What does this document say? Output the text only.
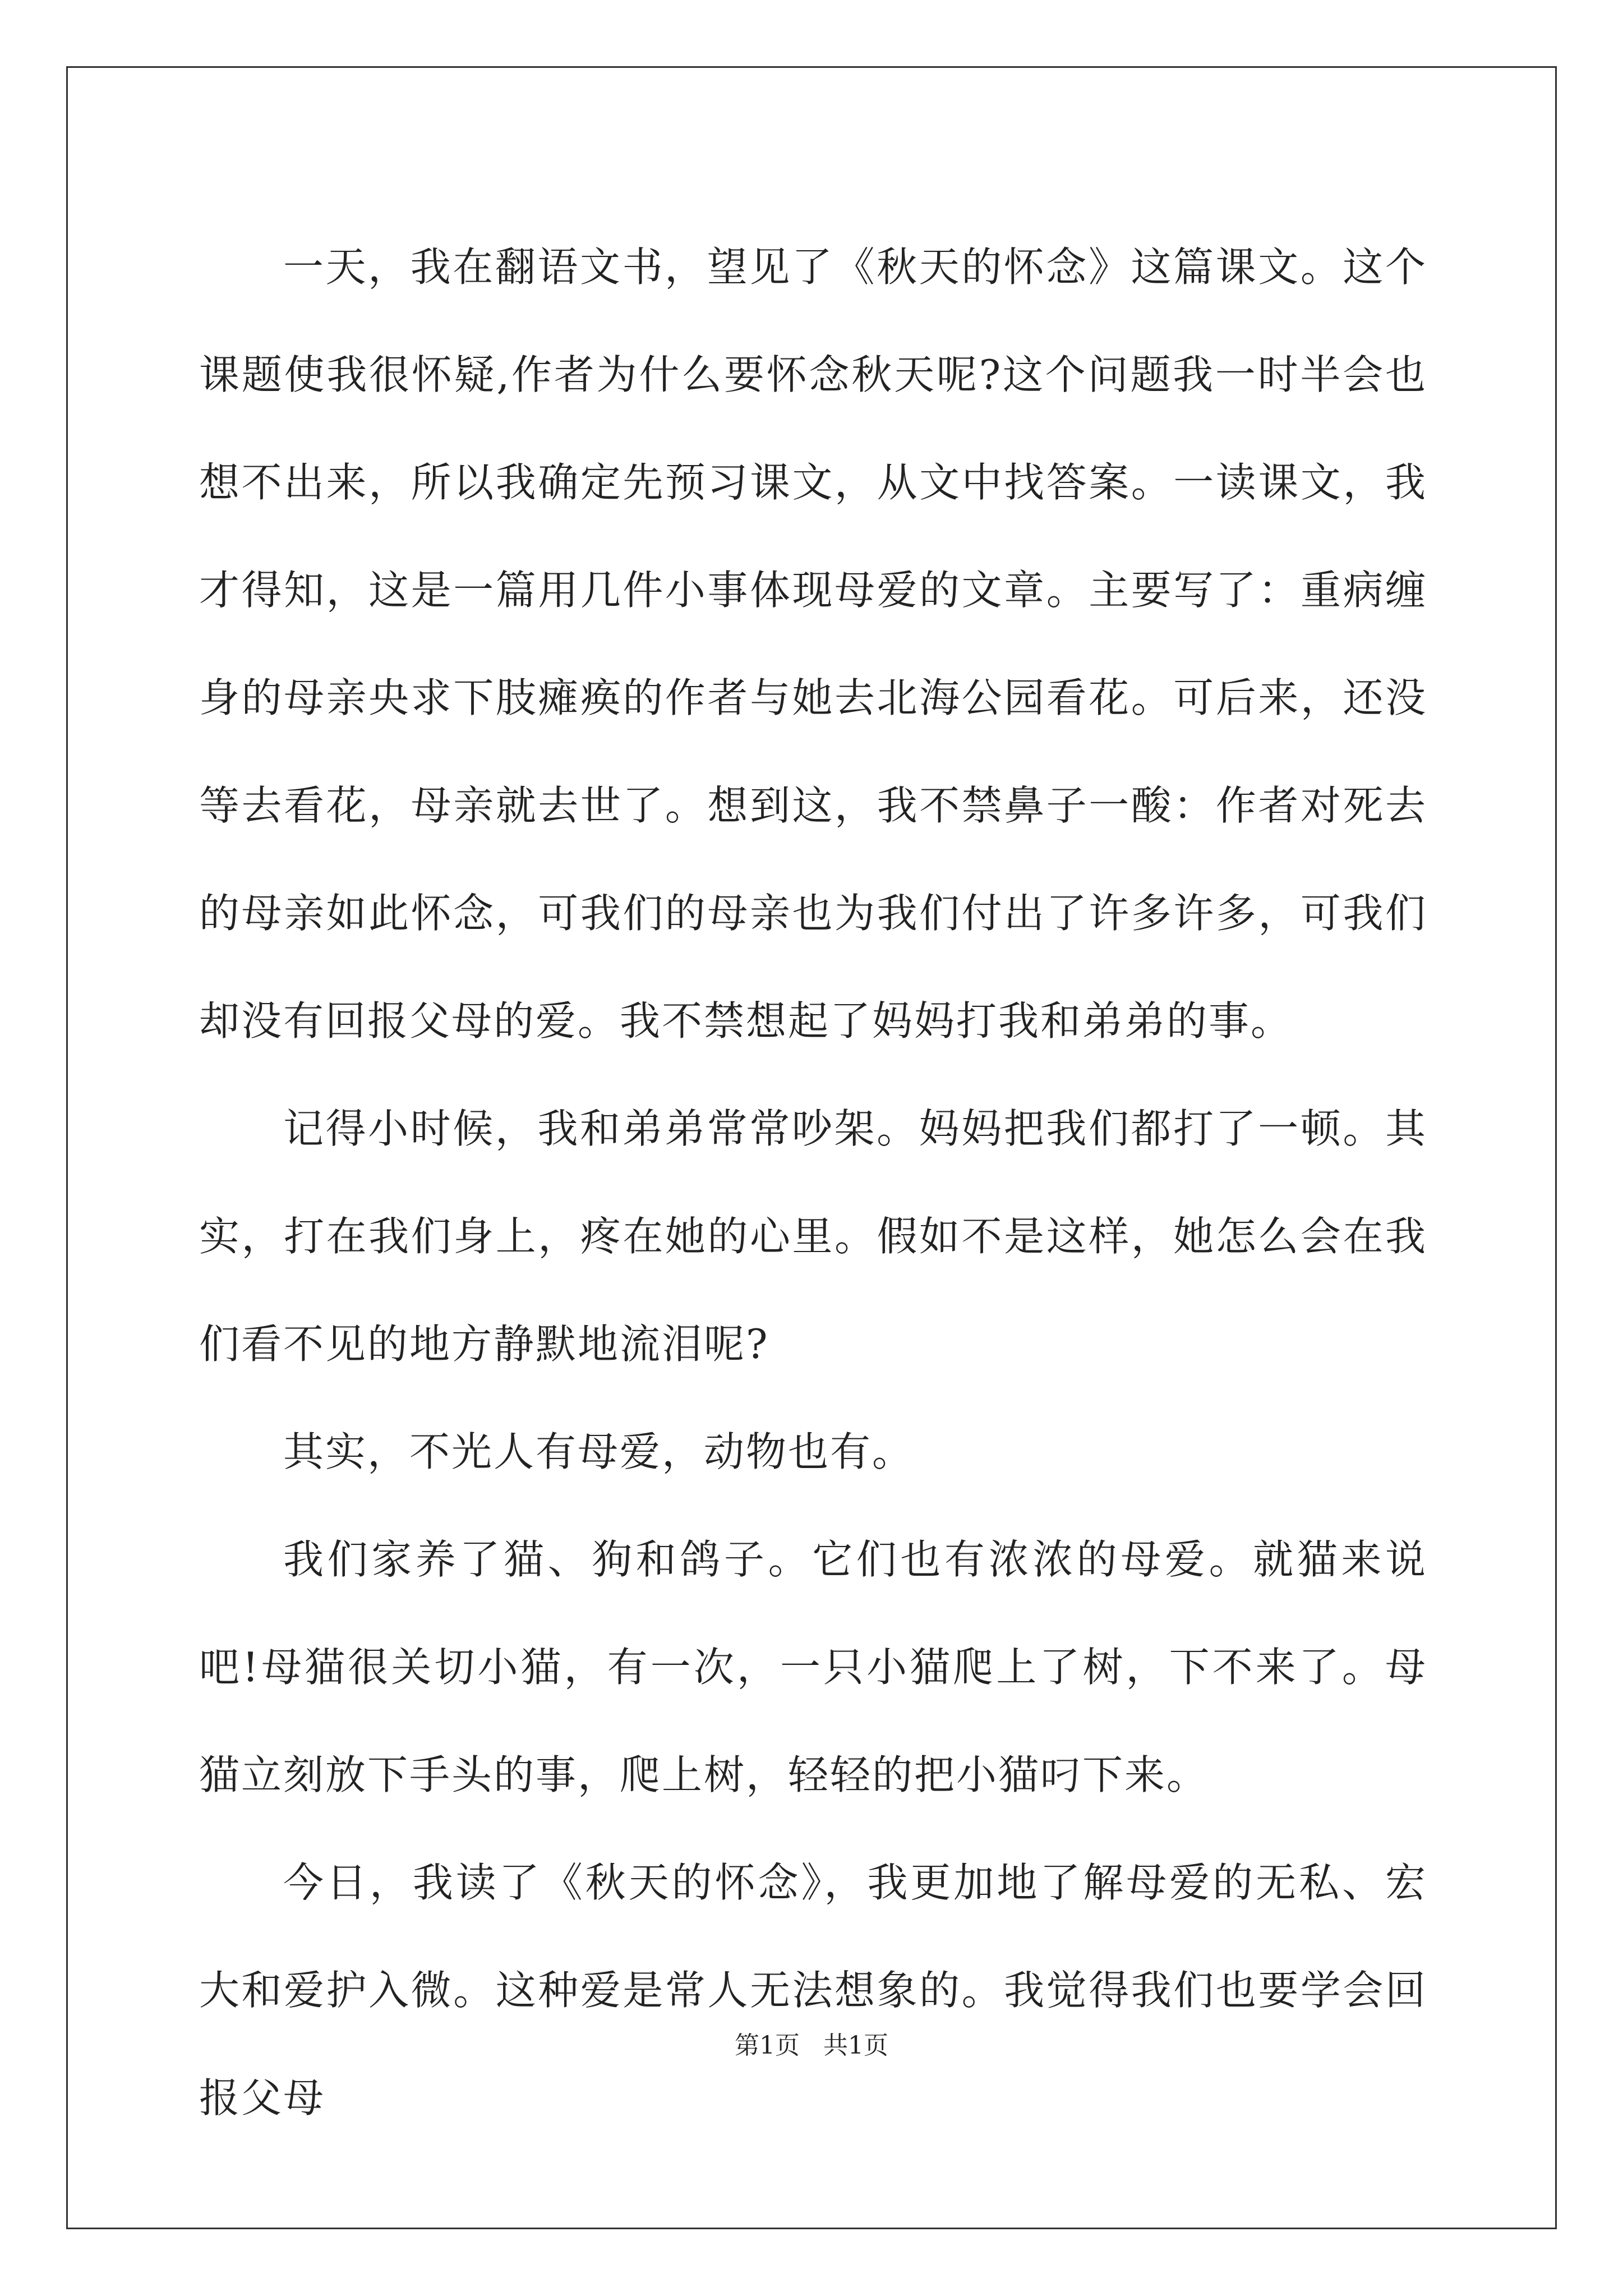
一天，我在翻语文书，望见了《秋天的怀念》这篇课文。这个课题使我很怀疑,作者为什么要怀念秋天呢?这个问题我一时半会也想不出来，所以我确定先预习课文，从文中找答案。一读课文，我才得知，这是一篇用几件小事体现母爱的文章。主要写了：重病缠身的母亲央求下肢瘫痪的作者与她去北海公园看花。可后来，还没等去看花，母亲就去世了。想到这，我不禁鼻子一酸：作者对死去的母亲如此怀念，可我们的母亲也为我们付出了许多许多，可我们却没有回报父母的爱。我不禁想起了妈妈打我和弟弟的事。

记得小时候，我和弟弟常常吵架。妈妈把我们都打了一顿。其实，打在我们身上，疼在她的心里。假如不是这样，她怎么会在我们看不见的地方静默地流泪呢?

其实，不光人有母爱，动物也有。

我们家养了猫、狗和鸽子。它们也有浓浓的母爱。就猫来说吧!母猫很关切小猫，有一次，一只小猫爬上了树，下不来了。母猫立刻放下手头的事，爬上树，轻轻的把小猫叼下来。

今日，我读了《秋天的怀念》，我更加地了解母爱的无私、宏大和爱护入微。这种爱是常人无法想象的。我觉得我们也要学会回报父母

第1页 共1页
